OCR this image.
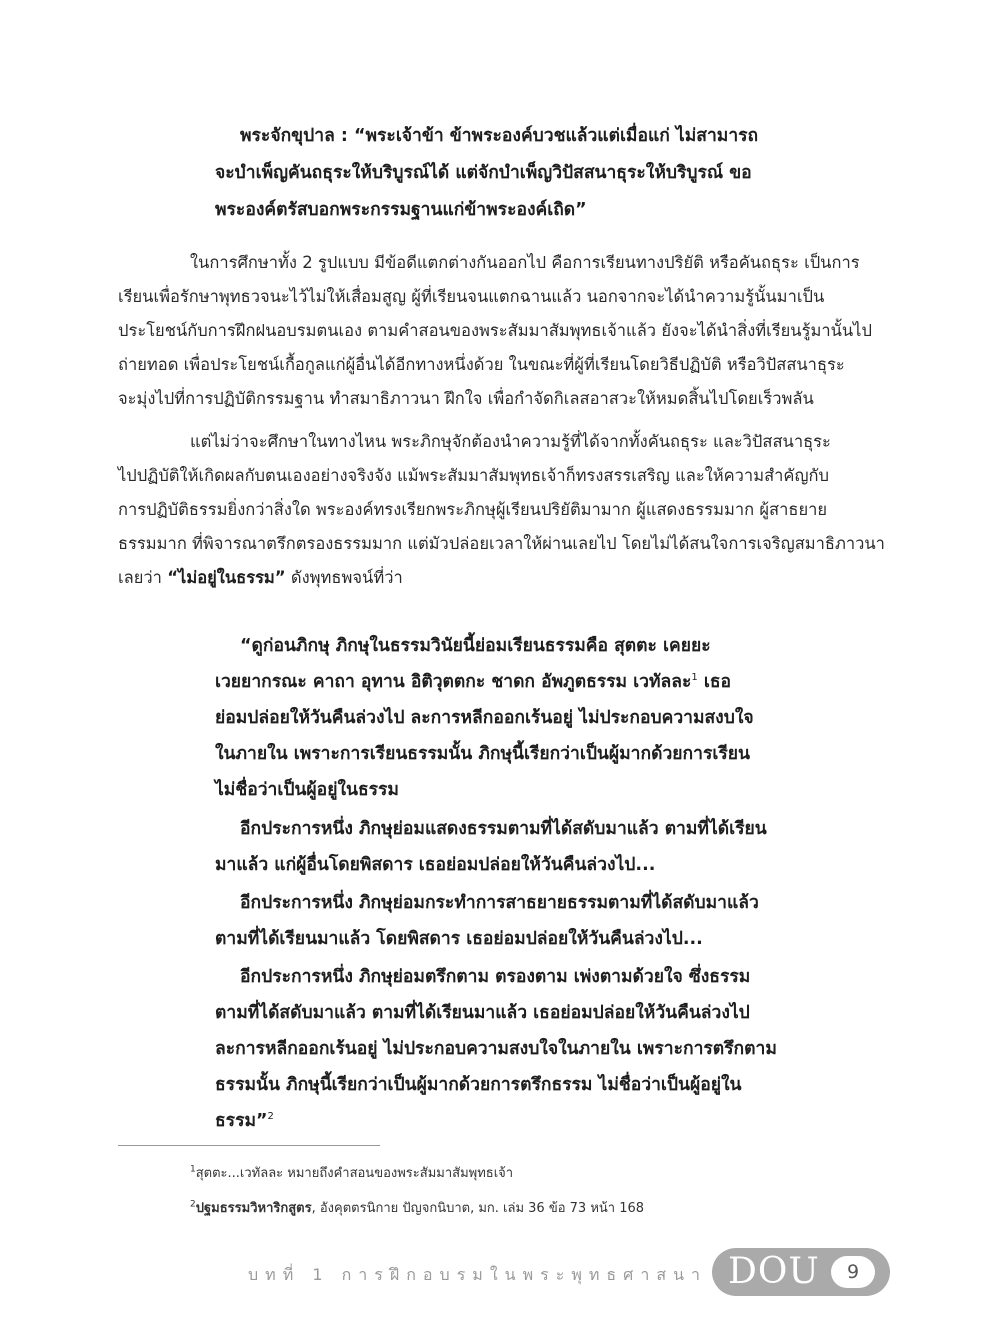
พระจักขุปาล : “พระเจ้าข้า ข้าพระองค์บวชแล้วแต่เมื่อแก่ ไม่สามารถ
จะบำเพ็ญคันถธุระให้บริบูรณ์ได้ แต่จักบำเพ็ญวิปัสสนาธุระให้บริบูรณ์ ขอ
พระองค์ตรัสบอกพระกรรมฐานแก่ข้าพระองค์เถิด”
ในการศึกษาทั้ง 2 รูปแบบ มีข้อดีแตกต่างกันออกไป คือการเรียนทางปริยัติ หรือคันถธุระ เป็นการ
เรียนเพื่อรักษาพุทธวจนะไว้ไม่ให้เสื่อมสูญ ผู้ที่เรียนจนแตกฉานแล้ว นอกจากจะได้นำความรู้นั้นมาเป็น
ประโยชน์กับการฝึกฝนอบรมตนเอง ตามคำสอนของพระสัมมาสัมพุทธเจ้าแล้ว ยังจะได้นำสิ่งที่เรียนรู้มานั้นไป
ถ่ายทอด เพื่อประโยชน์เกื้อกูลแก่ผู้อื่นได้อีกทางหนึ่งด้วย ในขณะที่ผู้ที่เรียนโดยวิธีปฏิบัติ หรือวิปัสสนาธุระ
จะมุ่งไปที่การปฏิบัติกรรมฐาน ทำสมาธิภาวนา ฝึกใจ เพื่อกำจัดกิเลสอาสวะให้หมดสิ้นไปโดยเร็วพลัน
แต่ไม่ว่าจะศึกษาในทางไหน พระภิกษุจักต้องนำความรู้ที่ได้จากทั้งคันถธุระ และวิปัสสนาธุระ
ไปปฏิบัติให้เกิดผลกับตนเองอย่างจริงจัง แม้พระสัมมาสัมพุทธเจ้าก็ทรงสรรเสริญ และให้ความสำคัญกับ
การปฏิบัติธรรมยิ่งกว่าสิ่งใด พระองค์ทรงเรียกพระภิกษุผู้เรียนปริยัติมามาก ผู้แสดงธรรมมาก ผู้สาธยาย
ธรรมมาก ที่พิจารณาตรึกตรองธรรมมาก แต่มัวปล่อยเวลาให้ผ่านเลยไป โดยไม่ได้สนใจการเจริญสมาธิภาวนา
เลยว่า “ไม่อยู่ในธรรม” ดังพุทธพจน์ที่ว่า
“ดูก่อนภิกษุ ภิกษุในธรรมวินัยนี้ย่อมเรียนธรรมคือ สุตตะ เคยยะ
เวยยากรณะ คาถา อุทาน อิติวุตตกะ ชาดก อัพภูตธรรม เวทัลละ$^1$ เธอ
ย่อมปล่อยให้วันคืนล่วงไป ละการหลีกออกเร้นอยู่ ไม่ประกอบความสงบใจ
ในภายใน เพราะการเรียนธรรมนั้น ภิกษุนี้เรียกว่าเป็นผู้มากด้วยการเรียน
ไม่ชื่อว่าเป็นผู้อยู่ในธรรม
อีกประการหนึ่ง ภิกษุย่อมแสดงธรรมตามที่ได้สดับมาแล้ว ตามที่ได้เรียน
มาแล้ว แก่ผู้อื่นโดยพิสดาร เธอย่อมปล่อยให้วันคืนล่วงไป...
อีกประการหนึ่ง ภิกษุย่อมกระทำการสาธยายธรรมตามที่ได้สดับมาแล้ว
ตามที่ได้เรียนมาแล้ว โดยพิสดาร เธอย่อมปล่อยให้วันคืนล่วงไป...
อีกประการหนึ่ง ภิกษุย่อมตรึกตาม ตรองตาม เพ่งตามด้วยใจ ซึ่งธรรม
ตามที่ได้สดับมาแล้ว ตามที่ได้เรียนมาแล้ว เธอย่อมปล่อยให้วันคืนล่วงไป
ละการหลีกออกเร้นอยู่ ไม่ประกอบความสงบใจในภายใน เพราะการตรึกตาม
ธรรมนั้น ภิกษุนี้เรียกว่าเป็นผู้มากด้วยการตรึกธรรม ไม่ชื่อว่าเป็นผู้อยู่ใน
ธรรม”$^2$
$^1$สุตตะ...เวทัลละ หมายถึงคำสอนของพระสัมมาสัมพุทธเจ้า
$^2$ปฐมธรรมวิหาริกสูตร, อังคุตตรนิกาย ปัญจกนิบาต, มก. เล่ม 36 ข้อ 73 หน้า 168
บทที่ 1 การฝึกอบรมในพระพุทธศาสนา DOU	9
